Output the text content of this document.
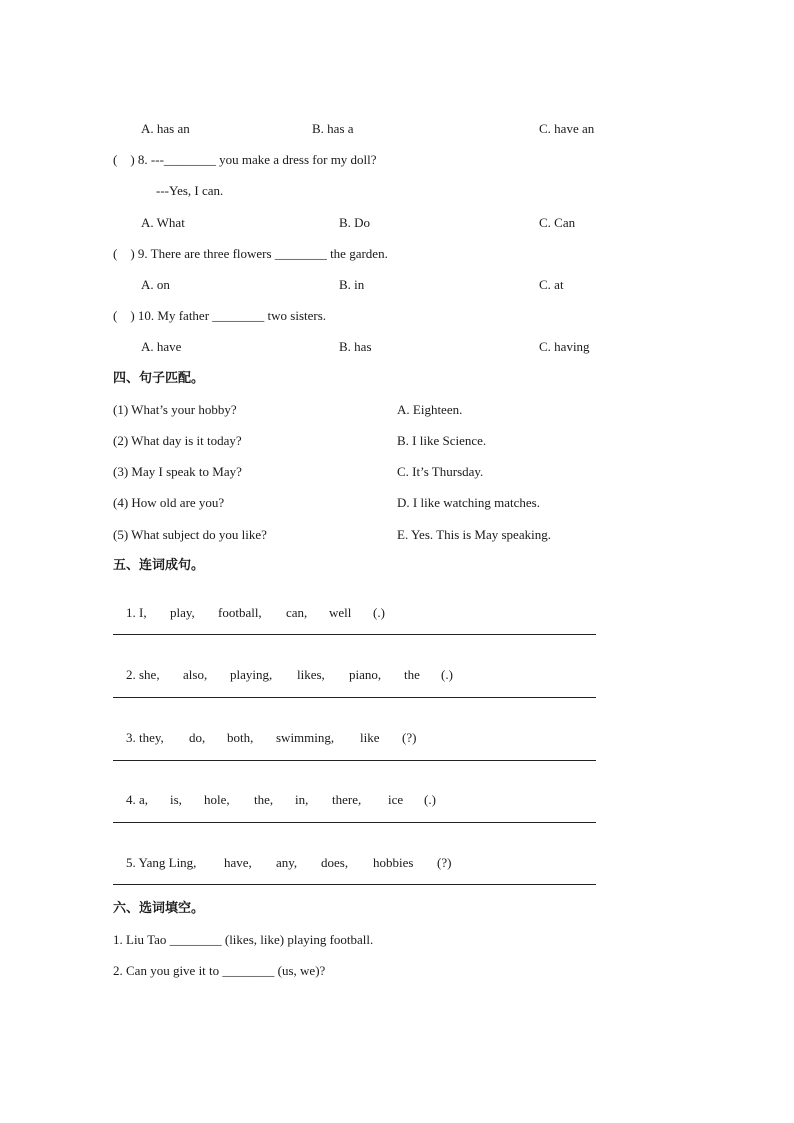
A. has an	B. has a	C. have an
(    ) 8. ---________ you make a dress for my doll?
---Yes, I can.
A. What	B. Do	C. Can
(    ) 9. There are three flowers ________ the garden.
A. on	B. in	C. at
(    ) 10. My father ________ two sisters.
A. have	B. has	C. having
四、句子匹配。
(1) What’s your hobby?	A. Eighteen.
(2) What day is it today?	B. I like Science.
(3) May I speak to May?	C. It’s Thursday.
(4) How old are you?	D. I like watching matches.
(5) What subject do you like?	E. Yes. This is May speaking.
五、连词成句。

1. I, play, football, can, well (.)

2. she, also, playing, likes, piano, the (.)

3. they, do, both, swimming, like (?)

4. a, is, hole, the, in, there, ice (.)

5. Yang Ling, have, any, does, hobbies (?)

六、选词填空。
1. Liu Tao ________ (likes, like) playing football.
2. Can you give it to ________ (us, we)?
